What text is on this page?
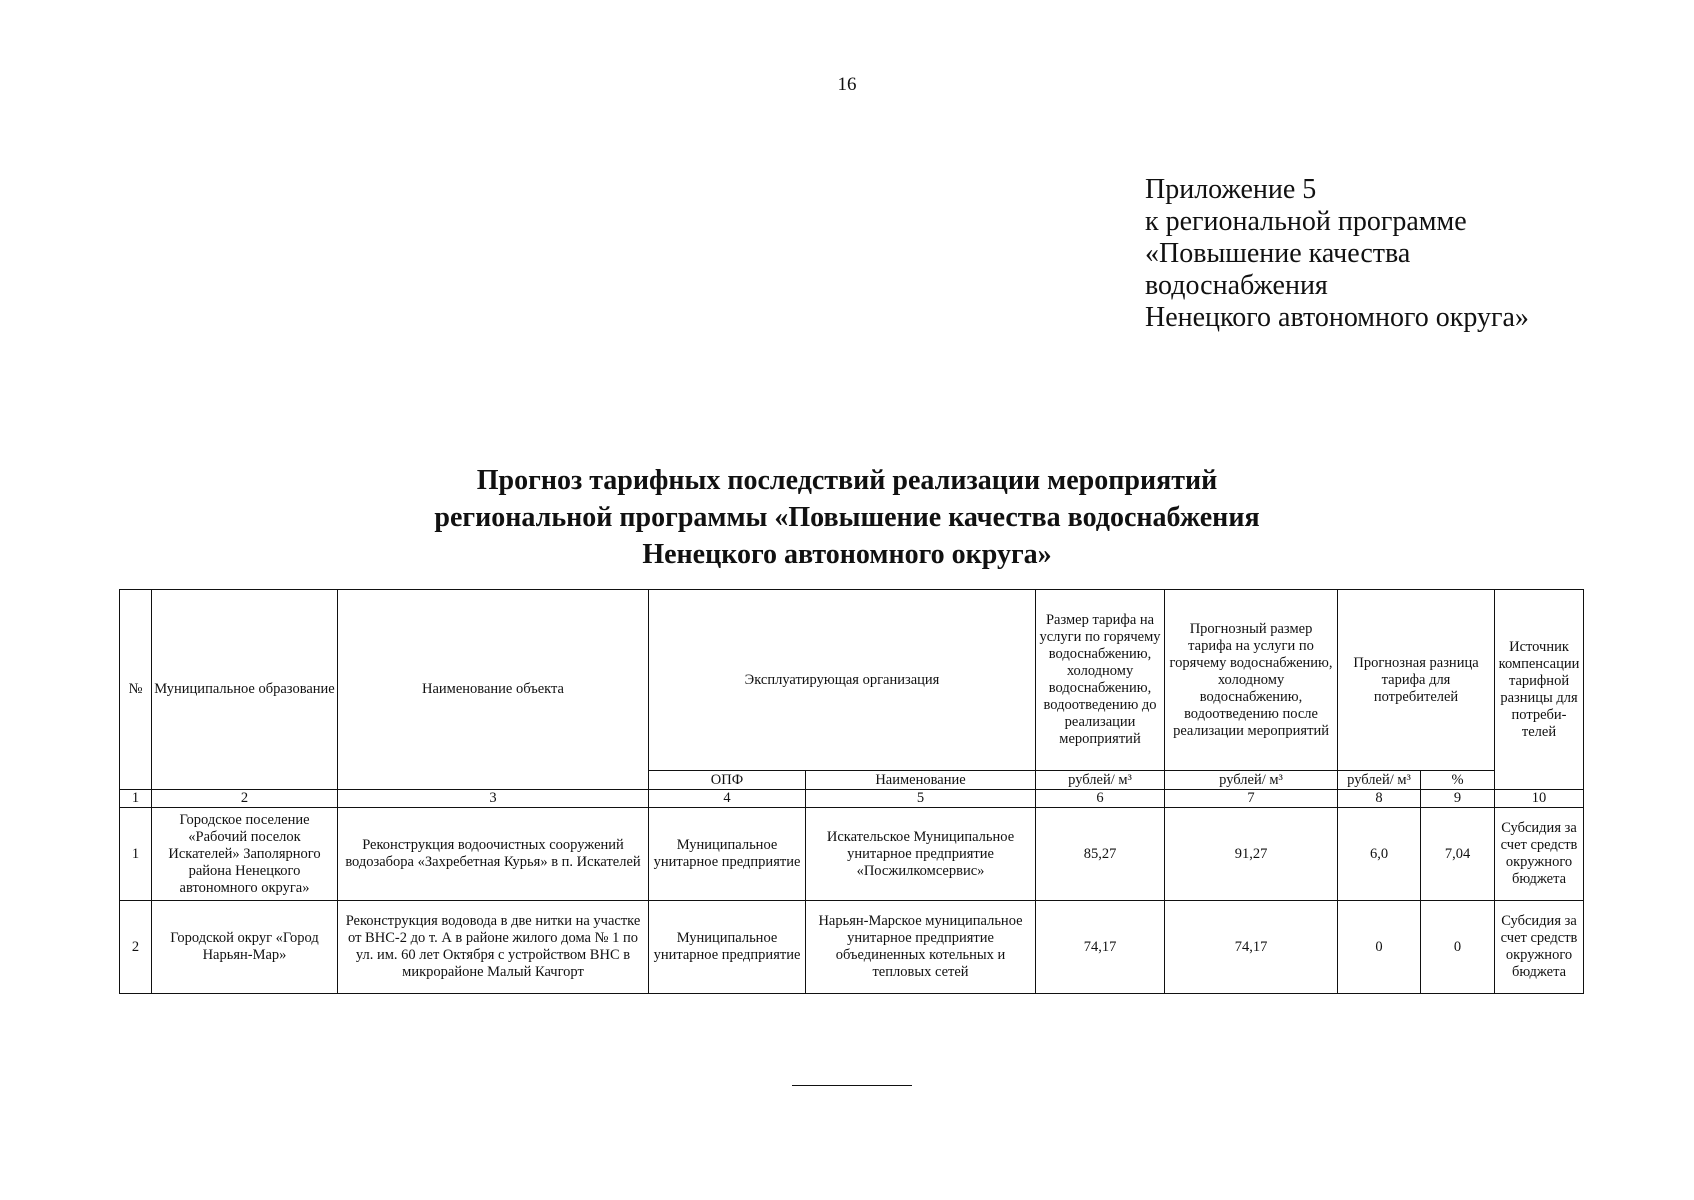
16
Приложение 5
к региональной программе
«Повышение качества
водоснабжения
Ненецкого автономного округа»
Прогноз тарифных последствий реализации мероприятий
региональной программы «Повышение качества водоснабжения
Ненецкого автономного округа»
№	Муниципальное образование	Наименование объекта	Эксплуатирующая организация		Размер тарифа на услуги по горячему водоснабжению, холодному водоснабжению, водоотведению до реализации мероприятий	Прогнозный размер тарифа на услуги по горячему водоснабжению, холодному водоснабжению, водоотведению после реализации мероприятий	Прогнозная разница тарифа для потребителей		Источник компенсации тарифной разницы для потреби-телей
			ОПФ	Наименование	рублей/ м³	рублей/ м³	рублей/ м³	%	
1	2	3	4	5	6	7	8	9	10
1	Городское поселение «Рабочий поселок Искателей» Заполярного района Ненецкого автономного округа»	Реконструкция водоочистных сооружений водозабора «Захребетная Курья» в п. Искателей	Муниципальное унитарное предприятие	Искательское Муниципальное унитарное предприятие «Посжилкомсервис»	85,27	91,27	6,0	7,04	Субсидия за счет средств окружного бюджета
2	Городской округ «Город Нарьян-Мар»	Реконструкция водовода в две нитки на участке от ВНС-2 до т. А в районе жилого дома № 1 по ул. им. 60 лет Октября с устройством ВНС в микрорайоне Малый Качгорт	Муниципальное унитарное предприятие	Нарьян-Марское муниципальное унитарное предприятие объединенных котельных и тепловых сетей	74,17	74,17	0	0	Субсидия за счет средств окружного бюджета
